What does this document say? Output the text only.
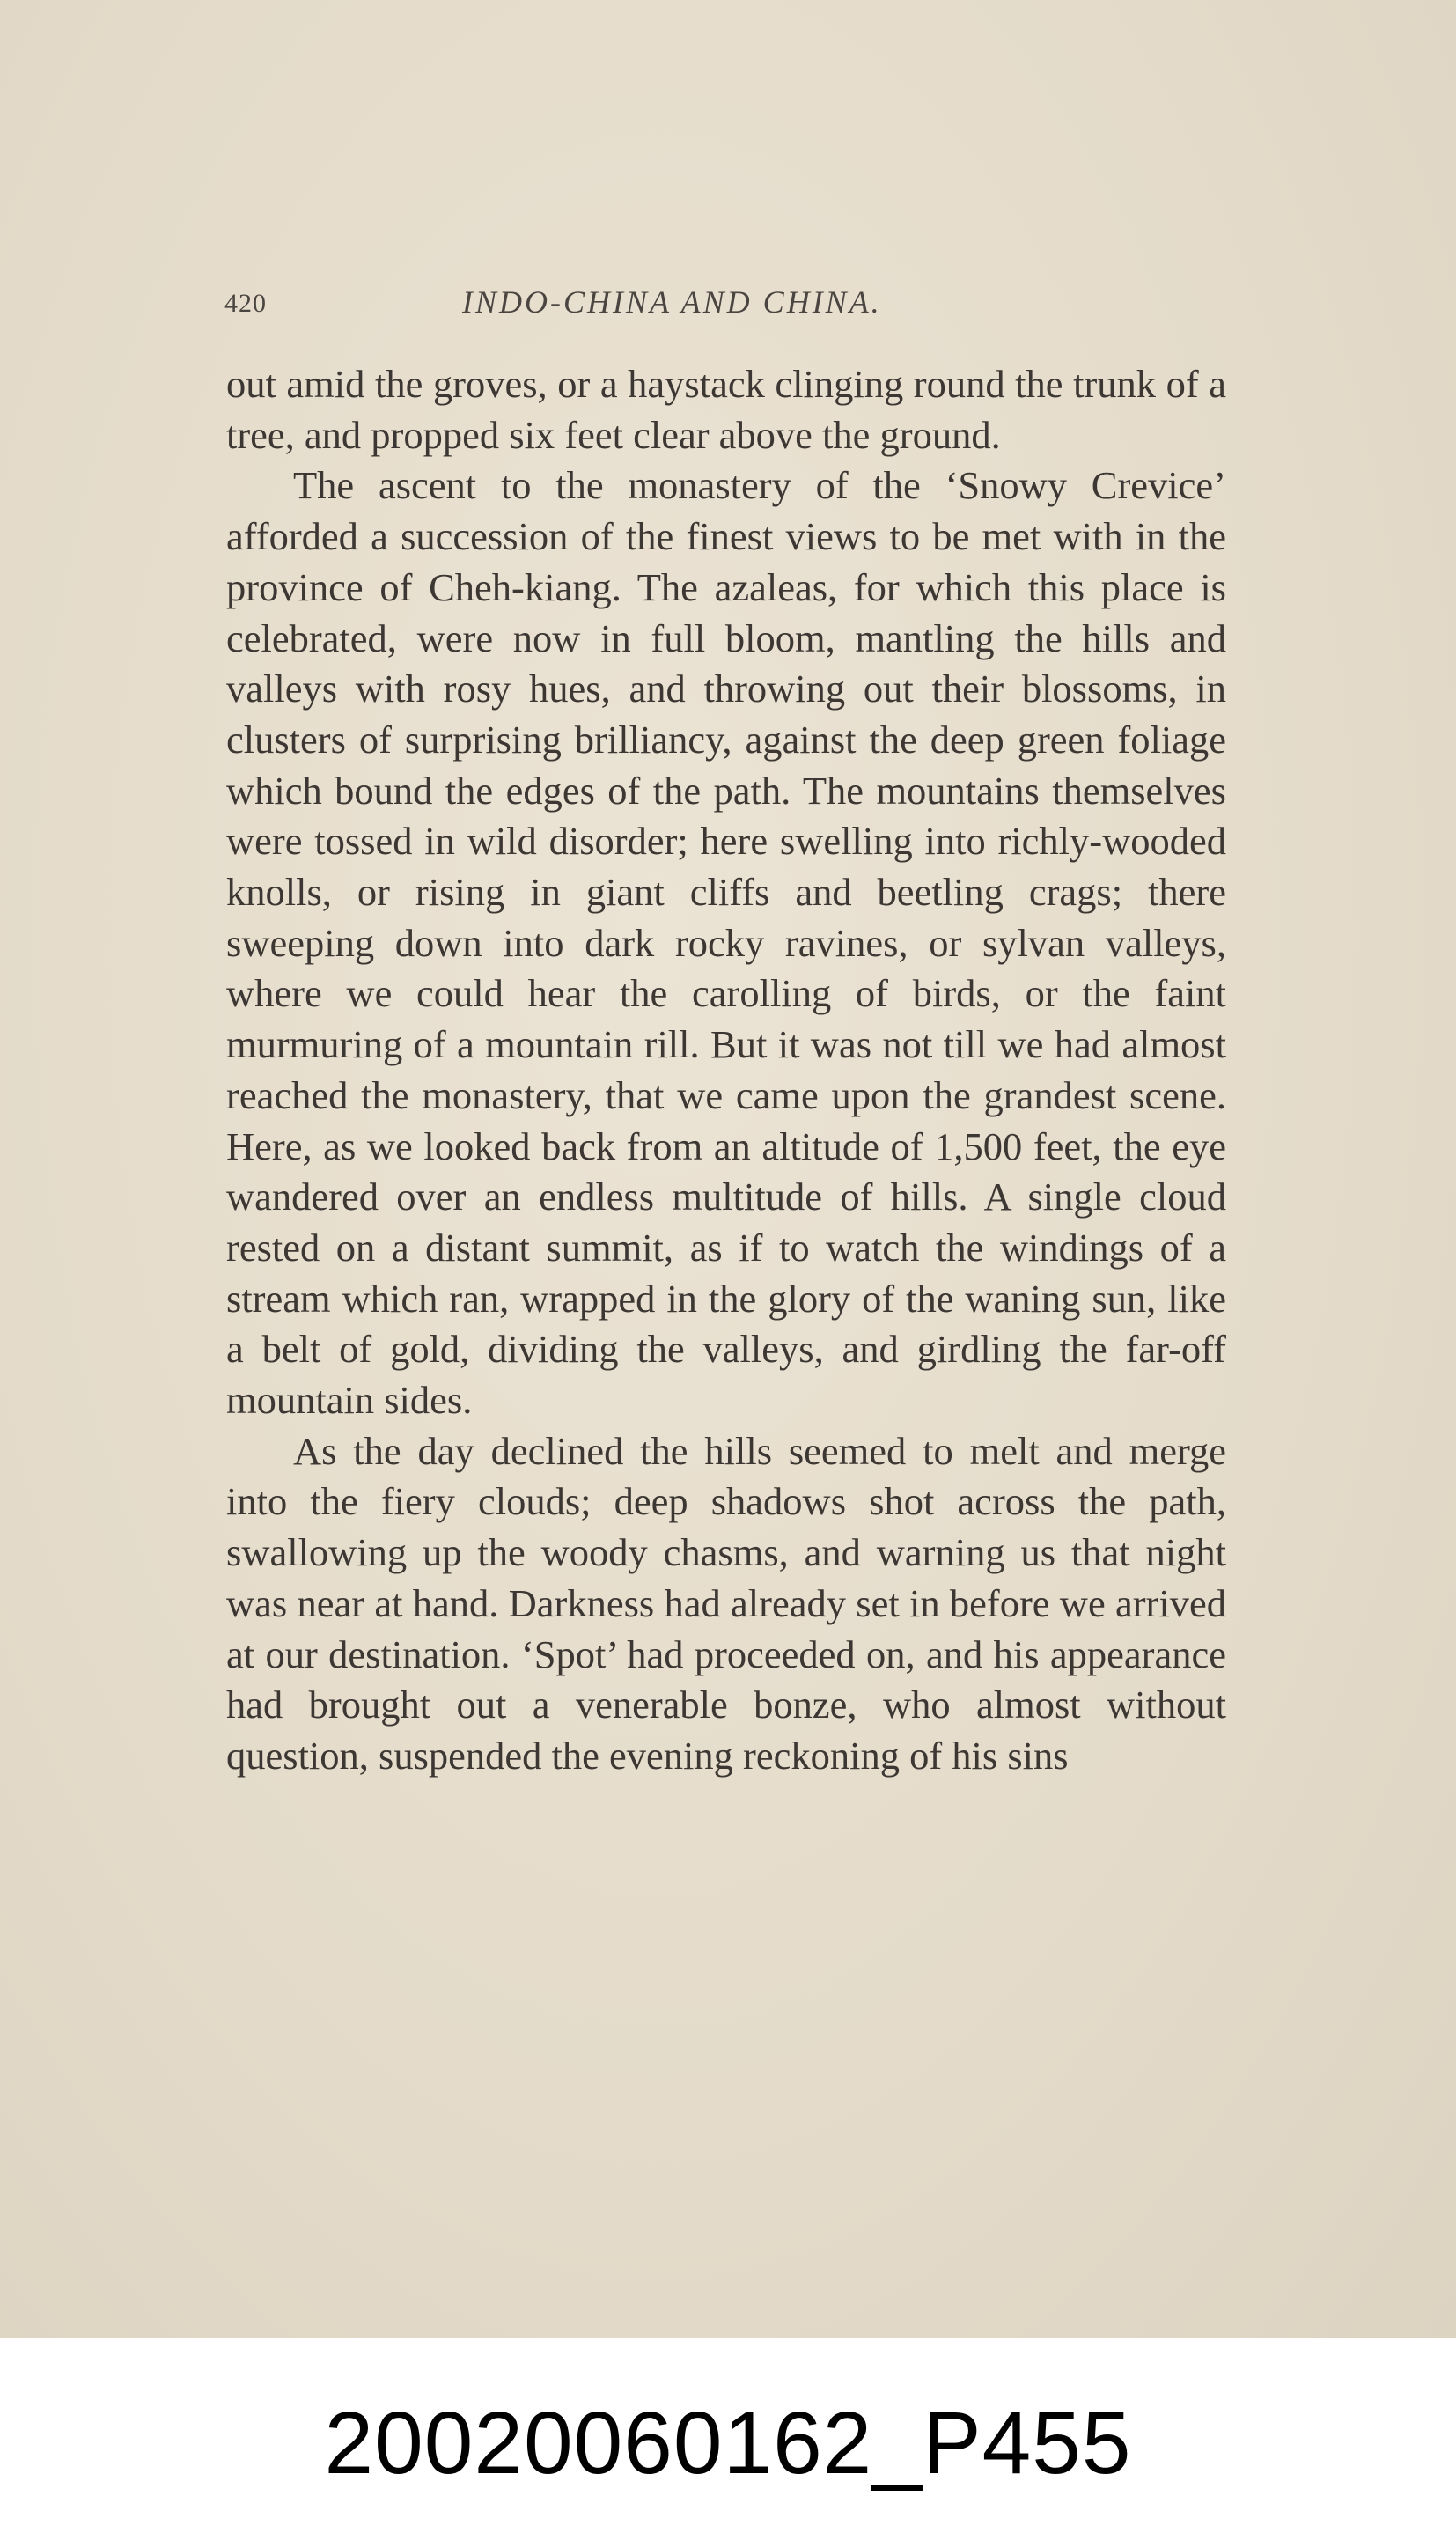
420	INDO-CHINA AND CHINA.

out amid the groves, or a haystack clinging round the trunk of a tree, and propped six feet clear above the ground.

The ascent to the monastery of the ‘Snowy Crevice’ afforded a succession of the finest views to be met with in the province of Cheh-kiang. The azaleas, for which this place is celebrated, were now in full bloom, mantling the hills and valleys with rosy hues, and throwing out their blossoms, in clusters of surprising brilliancy, against the deep green foliage which bound the edges of the path. The mountains themselves were tossed in wild disorder; here swelling into richly-wooded knolls, or rising in giant cliffs and beetling crags; there sweeping down into dark rocky ravines, or sylvan valleys, where we could hear the carolling of birds, or the faint murmuring of a mountain rill. But it was not till we had almost reached the monastery, that we came upon the grandest scene. Here, as we looked back from an altitude of 1,500 feet, the eye wandered over an endless multitude of hills. A single cloud rested on a distant summit, as if to watch the windings of a stream which ran, wrapped in the glory of the waning sun, like a belt of gold, dividing the valleys, and girdling the far-off mountain sides.

As the day declined the hills seemed to melt and merge into the fiery clouds; deep shadows shot across the path, swallowing up the woody chasms, and warning us that night was near at hand. Darkness had already set in before we arrived at our destination. ‘Spot’ had proceeded on, and his appearance had brought out a venerable bonze, who almost without question, suspended the evening reckoning of his sins

20020060162_P455
